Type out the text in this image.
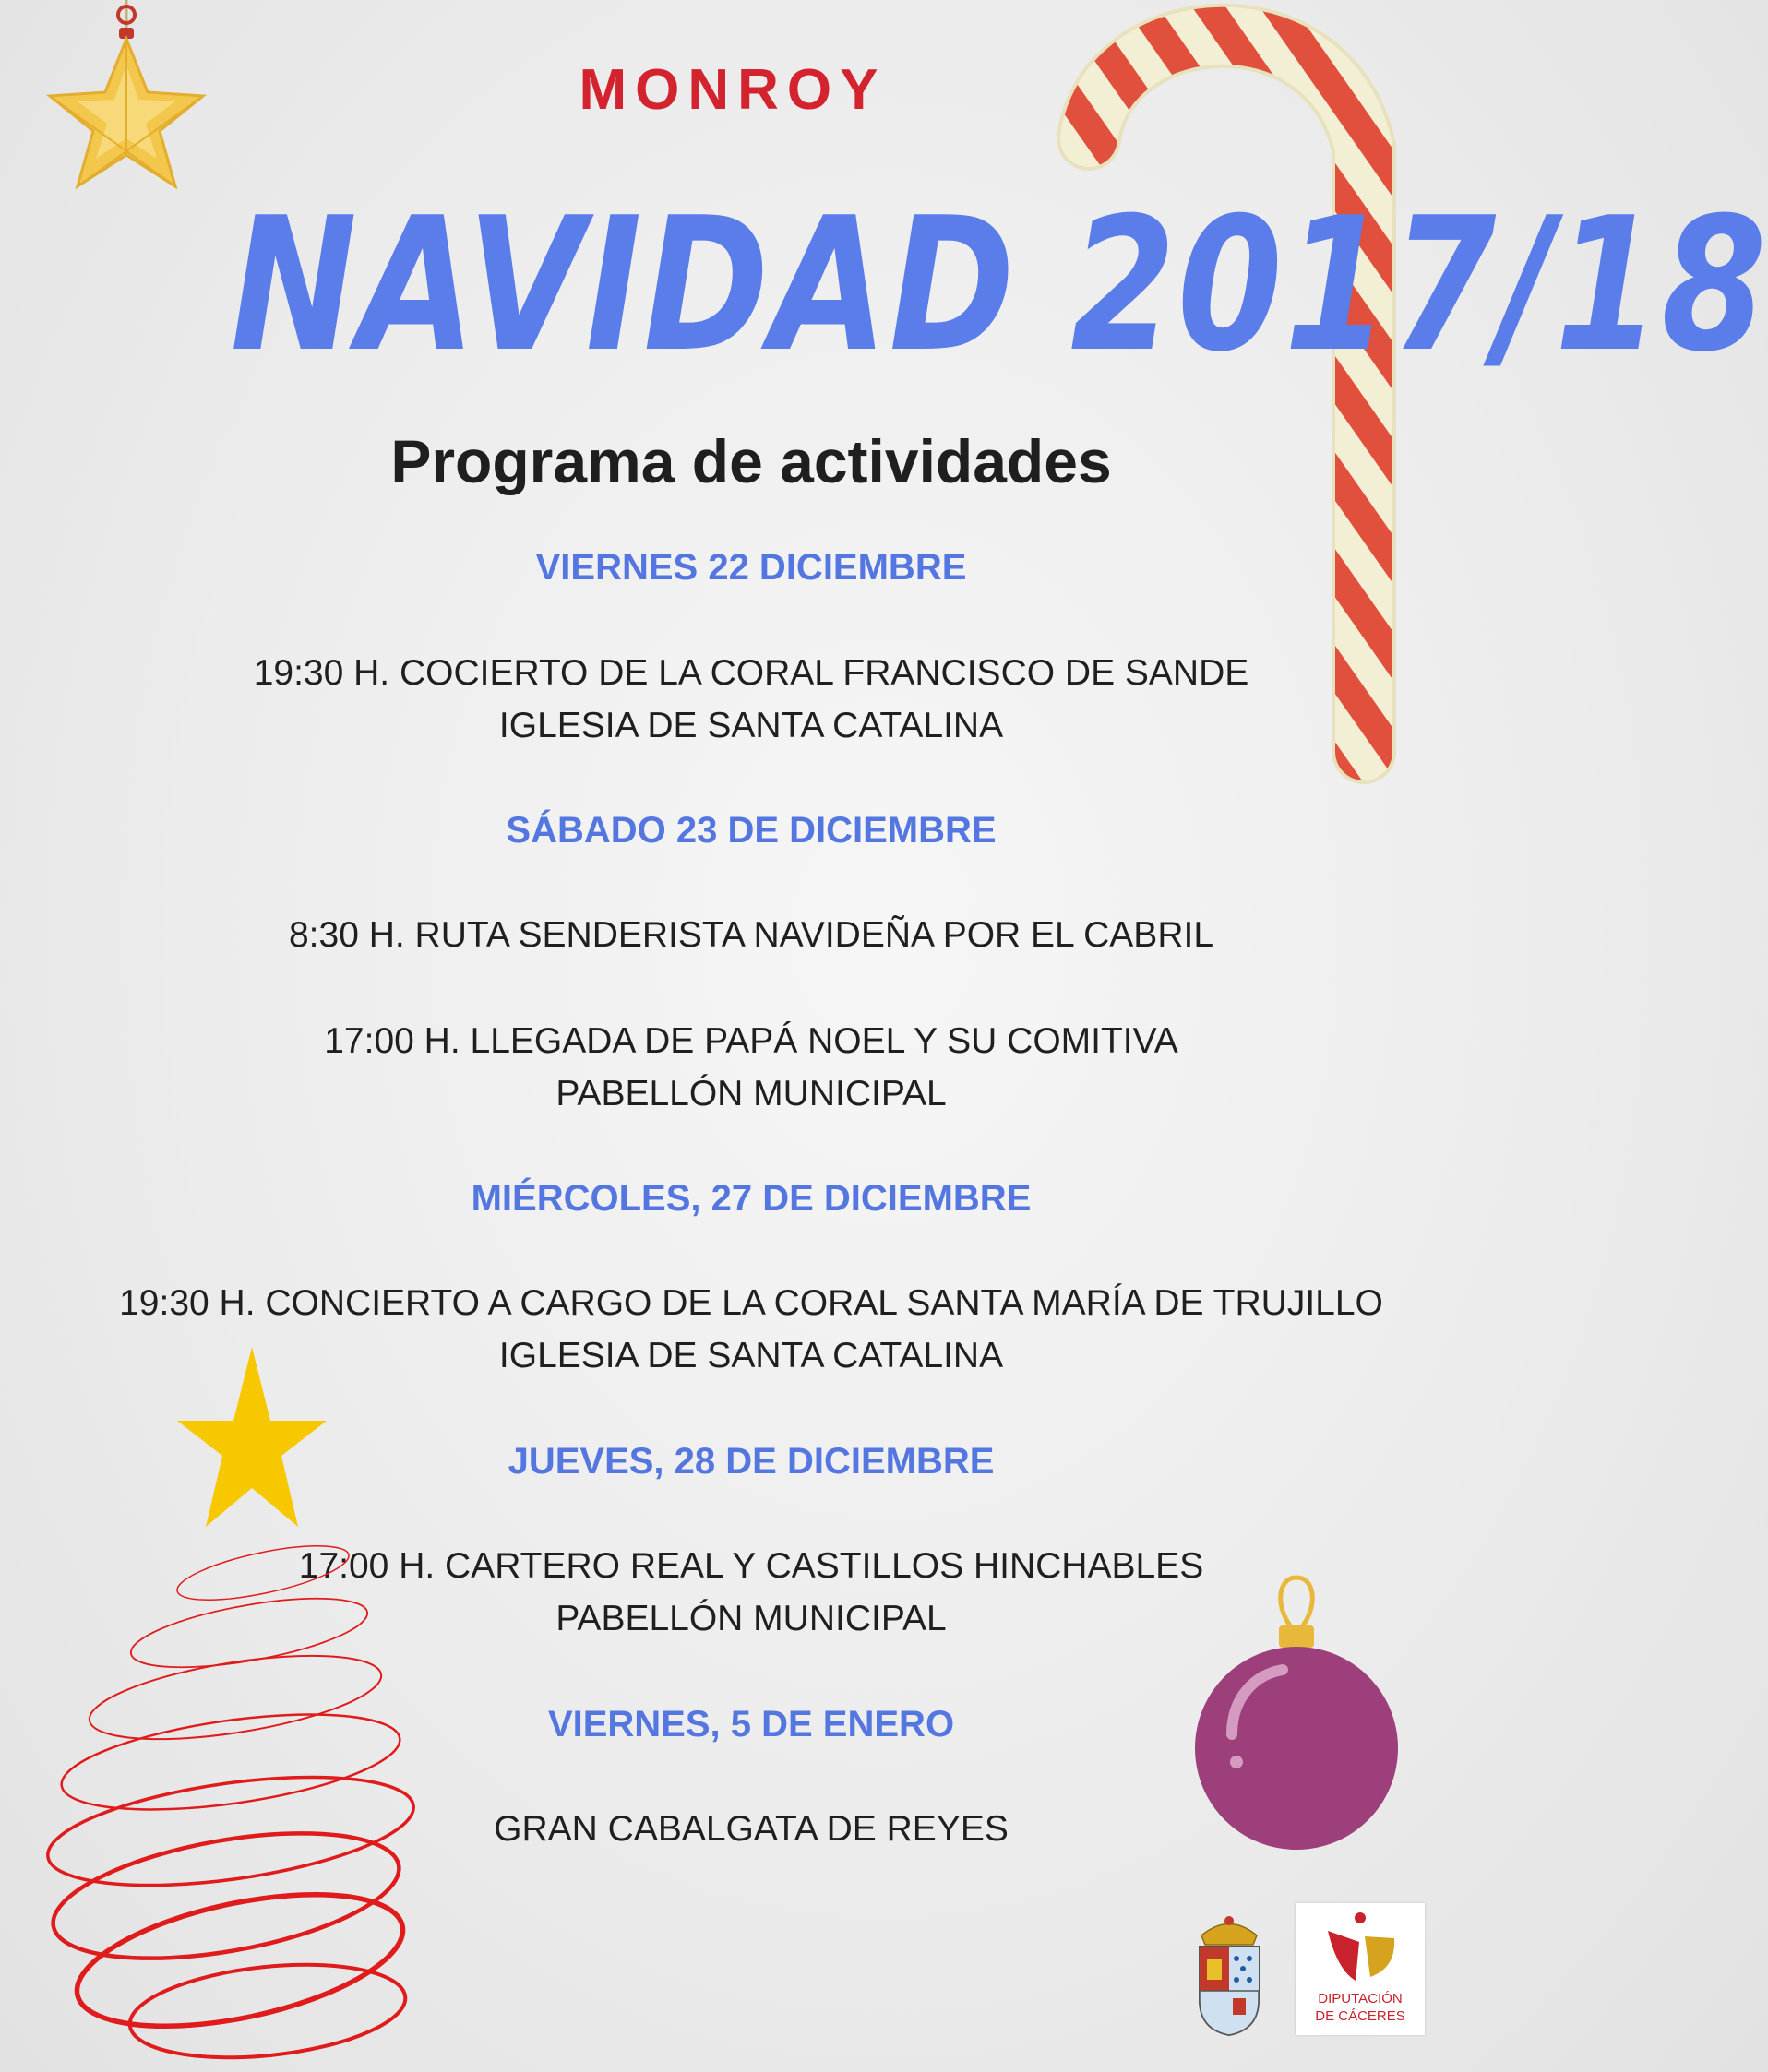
MONROY
NAVIDAD 2017/18
Programa de actividades
VIERNES 22 DICIEMBRE
19:30 H. COCIERTO DE LA CORAL FRANCISCO DE SANDE
IGLESIA DE SANTA CATALINA
SÁBADO 23 DE DICIEMBRE
8:30 H. RUTA SENDERISTA NAVIDEÑA POR EL CABRIL
17:00 H. LLEGADA DE PAPÁ NOEL Y SU COMITIVA
PABELLÓN MUNICIPAL
MIÉRCOLES, 27 DE DICIEMBRE
19:30 H. CONCIERTO A CARGO DE LA CORAL SANTA MARÍA DE TRUJILLO
IGLESIA DE SANTA CATALINA
JUEVES, 28 DE DICIEMBRE
17:00 H. CARTERO REAL Y CASTILLOS HINCHABLES
PABELLÓN MUNICIPAL
VIERNES, 5 DE ENERO
GRAN CABALGATA DE REYES
DIPUTACIÓN
DE CÁCERES
